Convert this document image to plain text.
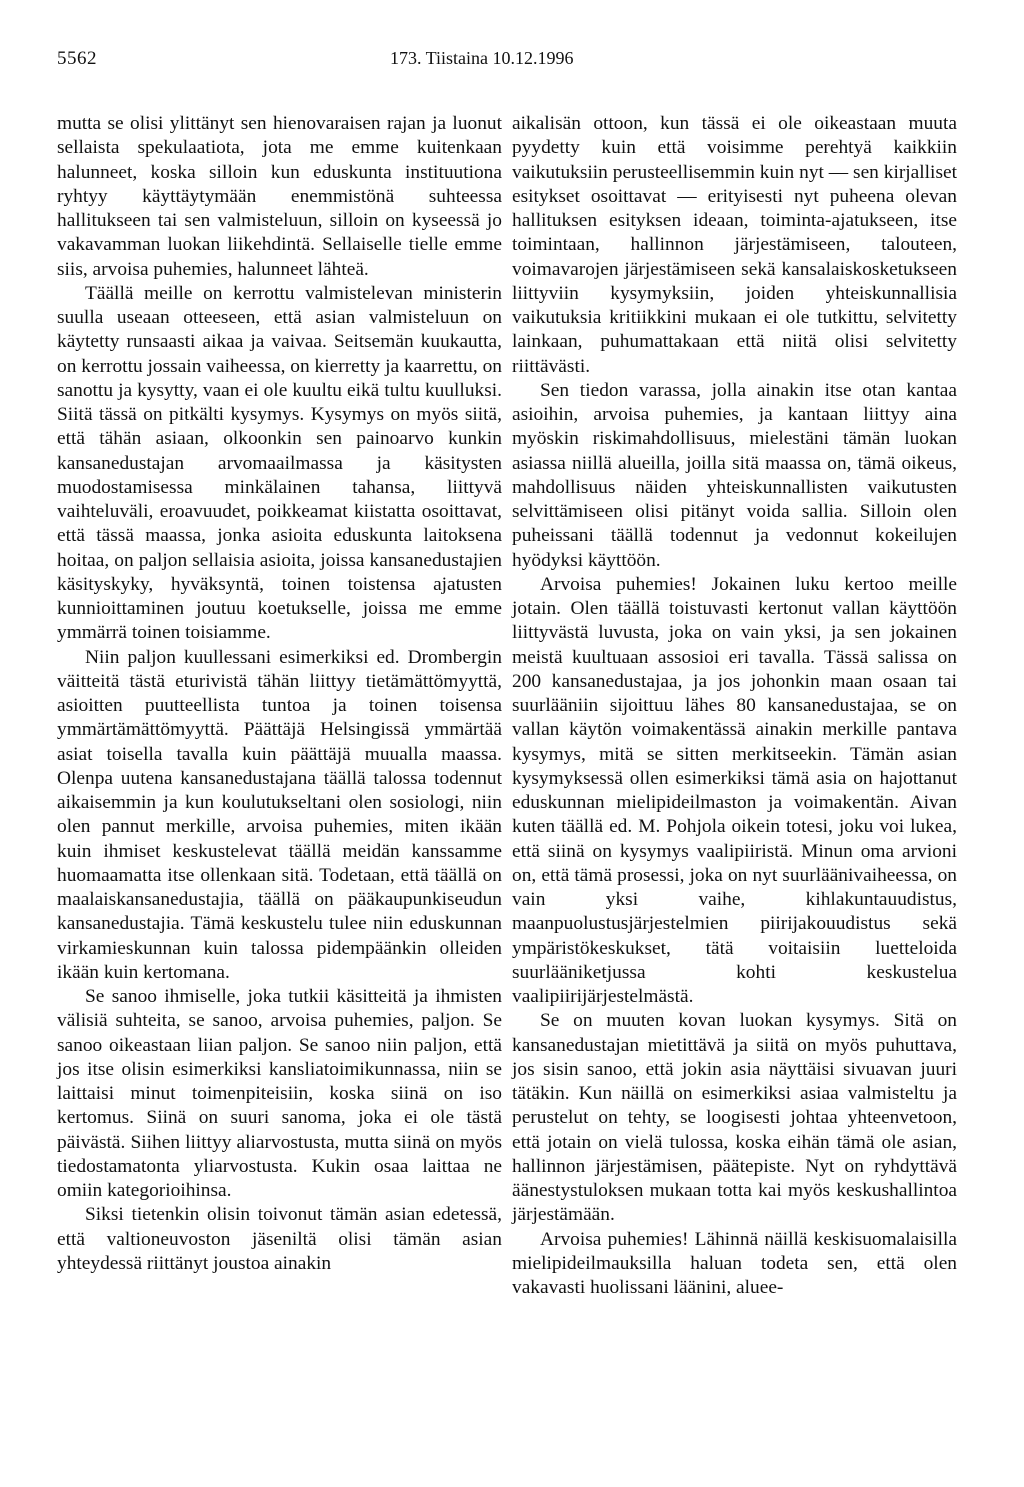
5562	173. Tiistaina 10.12.1996

mutta se olisi ylittänyt sen hienovaraisen rajan ja luonut sellaista spekulaatiota, jota me emme kuitenkaan halunneet, koska silloin kun eduskunta instituutiona ryhtyy käyttäytymään enemmistönä suhteessa hallitukseen tai sen valmisteluun, silloin on kyseessä jo vakavamman luokan liikehdintä. Sellaiselle tielle emme siis, arvoisa puhemies, halunneet lähteä.

Täällä meille on kerrottu valmistelevan ministerin suulla useaan otteeseen, että asian valmisteluun on käytetty runsaasti aikaa ja vaivaa. Seitsemän kuukautta, on kerrottu jossain vaiheessa, on kierretty ja kaarrettu, on sanottu ja kysytty, vaan ei ole kuultu eikä tultu kuulluksi. Siitä tässä on pitkälti kysymys. Kysymys on myös siitä, että tähän asiaan, olkoonkin sen painoarvo kunkin kansanedustajan arvomaailmassa ja käsitysten muodostamisessa minkälainen tahansa, liittyvä vaihteluväli, eroavuudet, poikkeamat kiistatta osoittavat, että tässä maassa, jonka asioita eduskunta laitoksena hoitaa, on paljon sellaisia asioita, joissa kansanedustajien käsityskyky, hyväksyntä, toinen toistensa ajatusten kunnioittaminen joutuu koetukselle, joissa me emme ymmärrä toinen toisiamme.

Niin paljon kuullessani esimerkiksi ed. Drombergin väitteitä tästä eturivistä tähän liittyy tietämättömyyttä, asioitten puutteellista tuntoa ja toinen toisensa ymmärtämättömyyttä. Päättäjä Helsingissä ymmärtää asiat toisella tavalla kuin päättäjä muualla maassa. Olenpa uutena kansanedustajana täällä talossa todennut aikaisemmin ja kun koulutukseltani olen sosiologi, niin olen pannut merkille, arvoisa puhemies, miten ikään kuin ihmiset keskustelevat täällä meidän kanssamme huomaamatta itse ollenkaan sitä. Todetaan, että täällä on maalaiskansanedustajia, täällä on pääkaupunkiseudun kansanedustajia. Tämä keskustelu tulee niin eduskunnan virkamieskunnan kuin talossa pidempäänkin olleiden ikään kuin kertomana.

Se sanoo ihmiselle, joka tutkii käsitteitä ja ihmisten välisiä suhteita, se sanoo, arvoisa puhemies, paljon. Se sanoo oikeastaan liian paljon. Se sanoo niin paljon, että jos itse olisin esimerkiksi kansliatoimikunnassa, niin se laittaisi minut toimenpiteisiin, koska siinä on iso kertomus. Siinä on suuri sanoma, joka ei ole tästä päivästä. Siihen liittyy aliarvostusta, mutta siinä on myös tiedostamatonta yliarvostusta. Kukin osaa laittaa ne omiin kategorioihinsa.

Siksi tietenkin olisin toivonut tämän asian edetessä, että valtioneuvoston jäseniltä olisi tämän asian yhteydessä riittänyt joustoa ainakin

aikalisän ottoon, kun tässä ei ole oikeastaan muuta pyydetty kuin että voisimme perehtyä kaikkiin vaikutuksiin perusteellisemmin kuin nyt — sen kirjalliset esitykset osoittavat — erityisesti nyt puheena olevan hallituksen esityksen ideaan, toiminta-ajatukseen, itse toimintaan, hallinnon järjestämiseen, talouteen, voimavarojen järjestämiseen sekä kansalaiskosketukseen liittyviin kysymyksiin, joiden yhteiskunnallisia vaikutuksia kritiikkini mukaan ei ole tutkittu, selvitetty lainkaan, puhumattakaan että niitä olisi selvitetty riittävästi.

Sen tiedon varassa, jolla ainakin itse otan kantaa asioihin, arvoisa puhemies, ja kantaan liittyy aina myöskin riskimahdollisuus, mielestäni tämän luokan asiassa niillä alueilla, joilla sitä maassa on, tämä oikeus, mahdollisuus näiden yhteiskunnallisten vaikutusten selvittämiseen olisi pitänyt voida sallia. Silloin olen puheissani täällä todennut ja vedonnut kokeilujen hyödyksi käyttöön.

Arvoisa puhemies! Jokainen luku kertoo meille jotain. Olen täällä toistuvasti kertonut vallan käyttöön liittyvästä luvusta, joka on vain yksi, ja sen jokainen meistä kuultuaan assosioi eri tavalla. Tässä salissa on 200 kansanedustajaa, ja jos johonkin maan osaan tai suurlääniin sijoittuu lähes 80 kansanedustajaa, se on vallan käytön voimakentässä ainakin merkille pantava kysymys, mitä se sitten merkitseekin. Tämän asian kysymyksessä ollen esimerkiksi tämä asia on hajottanut eduskunnan mielipideilmaston ja voimakentän. Aivan kuten täällä ed. M. Pohjola oikein totesi, joku voi lukea, että siinä on kysymys vaalipiiristä. Minun oma arvioni on, että tämä prosessi, joka on nyt suurläänivaiheessa, on vain yksi vaihe, kihlakuntauudistus, maanpuolustusjärjestelmien piirijakouudistus sekä ympäristökeskukset, tätä voitaisiin luetteloida suurlääniketjussa kohti keskustelua vaalipiirijärjestelmästä.

Se on muuten kovan luokan kysymys. Sitä on kansanedustajan mietittävä ja siitä on myös puhuttava, jos sisin sanoo, että jokin asia näyttäisi sivuavan juuri tätäkin. Kun näillä on esimerkiksi asiaa valmisteltu ja perustelut on tehty, se loogisesti johtaa yhteenvetoon, että jotain on vielä tulossa, koska eihän tämä ole asian, hallinnon järjestämisen, päätepiste. Nyt on ryhdyttävä äänestystuloksen mukaan totta kai myös keskushallintoa järjestämään.

Arvoisa puhemies! Lähinnä näillä keskisuomalaisilla mielipideilmauksilla haluan todeta sen, että olen vakavasti huolissani läänini, aluee-
